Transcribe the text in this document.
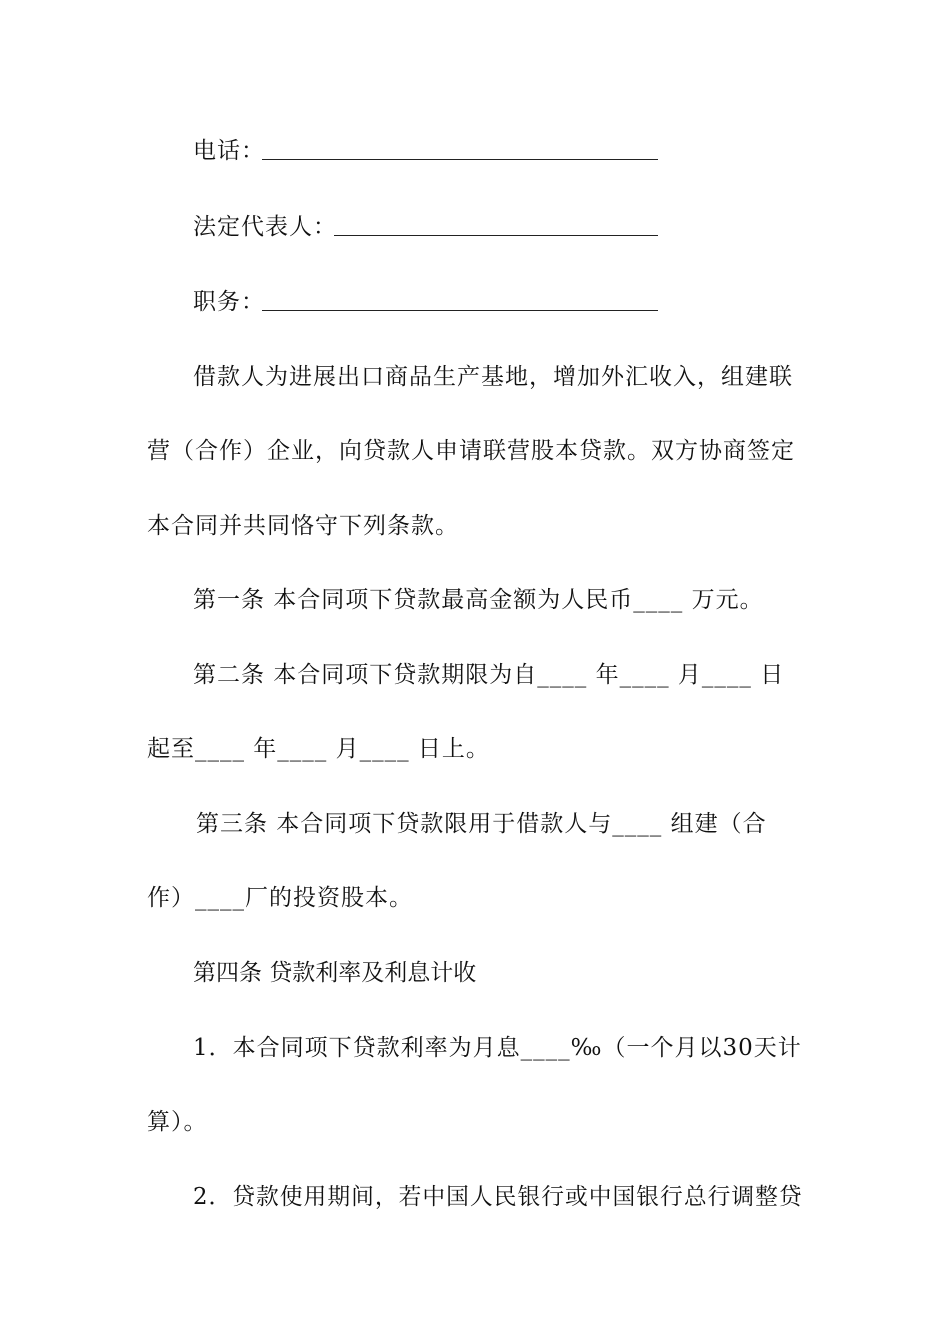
电话：
法定代表人：
职务：
借款人为进展出口商品生产基地，增加外汇收入，组建联
营（合作）企业，向贷款人申请联营股本贷款。双方协商签定
本合同并共同恪守下列条款。
第一条 本合同项下贷款最高金额为人民币____ 万元。
第二条 本合同项下贷款期限为自____ 年____ 月____ 日
起至____ 年____ 月____ 日上。
第三条 本合同项下贷款限用于借款人与____ 组建（合
作）____厂的投资股本。
第四条 贷款利率及利息计收
1．本合同项下贷款利率为月息____‰（一个月以30天计
算）。
2．贷款使用期间，若中国人民银行或中国银行总行调整贷
